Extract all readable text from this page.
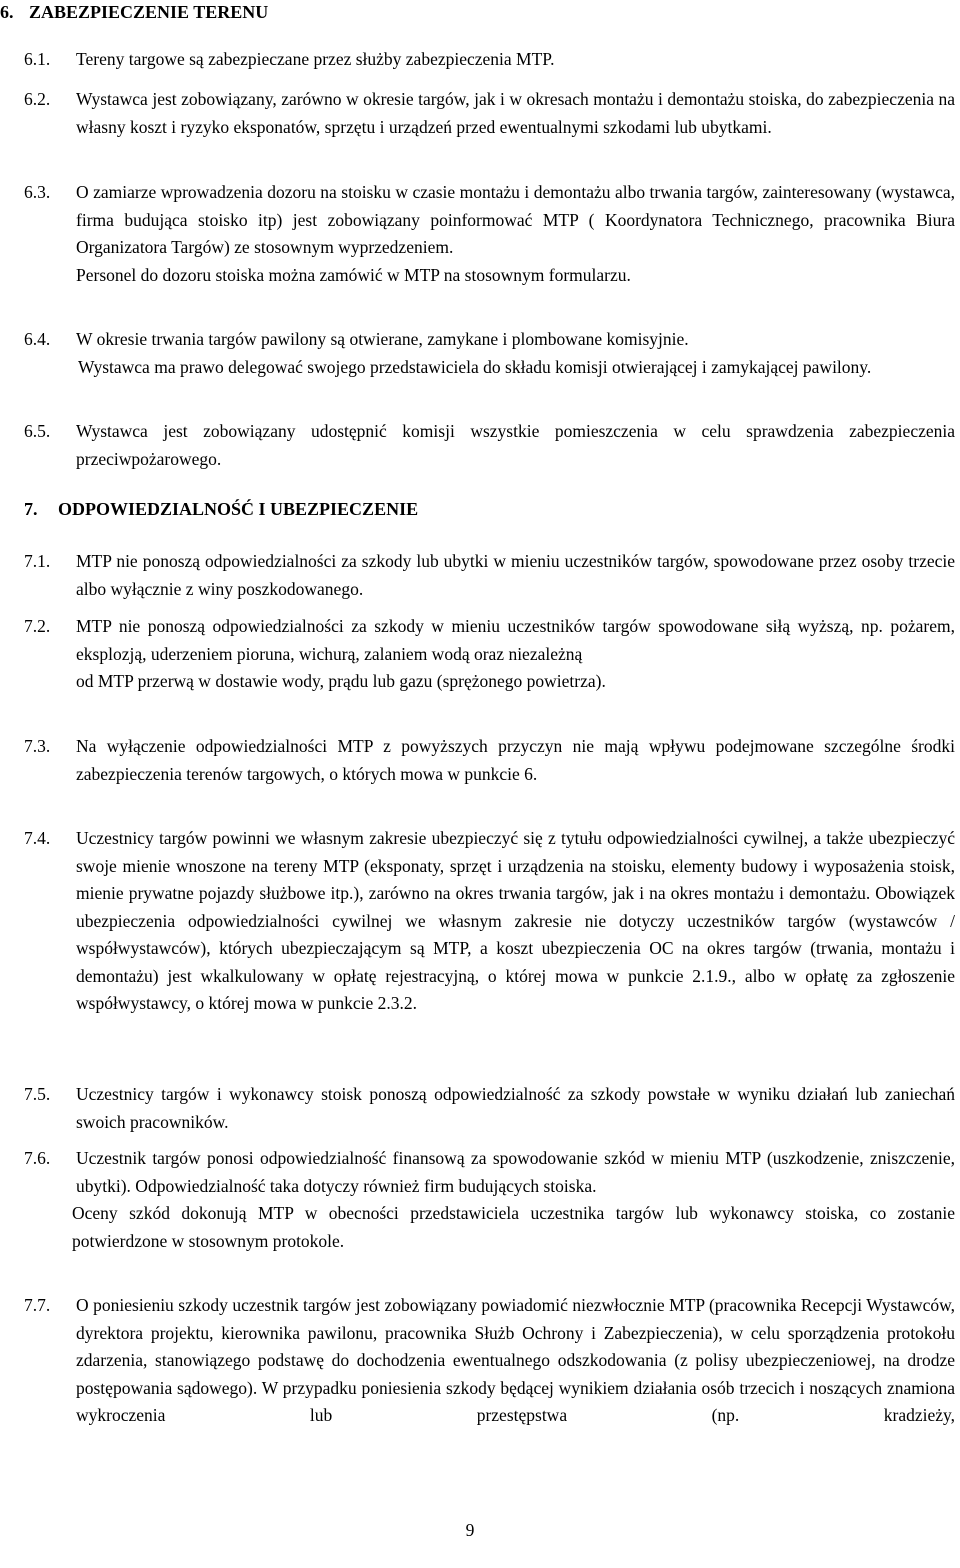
6. ZABEZPIECZENIE TERENU
6.1. Tereny targowe są zabezpieczane przez służby zabezpieczenia MTP.
6.2. Wystawca jest zobowiązany, zarówno w okresie targów, jak i w okresach montażu i demontażu stoiska, do zabezpieczenia na własny koszt i ryzyko eksponatów, sprzętu i urządzeń przed ewentualnymi szkodami lub ubytkami.
6.3. O zamiarze wprowadzenia dozoru na stoisku w czasie montażu i demontażu albo trwania targów, zainteresowany (wystawca, firma budująca stoisko itp) jest zobowiązany poinformować MTP ( Koordynatora Technicznego, pracownika Biura Organizatora Targów) ze stosownym wyprzedzeniem.
Personel do dozoru stoiska można zamówić w MTP na stosownym formularzu.
6.4. W okresie trwania targów pawilony są otwierane, zamykane i plombowane komisyjnie.
Wystawca ma prawo delegować swojego przedstawiciela do składu komisji otwierającej i zamykającej pawilony.
6.5. Wystawca jest zobowiązany udostępnić komisji wszystkie pomieszczenia w celu sprawdzenia zabezpieczenia przeciwpożarowego.
7. ODPOWIEDZIALNOŚĆ I UBEZPIECZENIE
7.1. MTP nie ponoszą odpowiedzialności za szkody lub ubytki w mieniu uczestników targów, spowodowane przez osoby trzecie albo wyłącznie z winy poszkodowanego.
7.2. MTP nie ponoszą odpowiedzialności za szkody w mieniu uczestników targów spowodowane siłą wyższą, np. pożarem, eksplozją, uderzeniem pioruna, wichurą, zalaniem wodą oraz niezależną
od MTP przerwą w dostawie wody, prądu lub gazu (sprężonego powietrza).
7.3. Na wyłączenie odpowiedzialności MTP z powyższych przyczyn nie mają wpływu podejmowane szczególne środki zabezpieczenia terenów targowych, o których mowa w punkcie 6.
7.4. Uczestnicy targów powinni we własnym zakresie ubezpieczyć się z tytułu odpowiedzialności cywilnej, a także ubezpieczyć swoje mienie wnoszone na tereny MTP (eksponaty, sprzęt i urządzenia na stoisku, elementy budowy i wyposażenia stoisk, mienie prywatne pojazdy służbowe itp.), zarówno na okres trwania targów, jak i na okres montażu i demontażu. Obowiązek ubezpieczenia odpowiedzialności cywilnej we własnym zakresie nie dotyczy uczestników targów (wystawców / współwystawców), których ubezpieczającym są MTP, a koszt ubezpieczenia OC na okres targów (trwania, montażu i demontażu) jest wkalkulowany w opłatę rejestracyjną, o której mowa w punkcie 2.1.9., albo w opłatę za zgłoszenie współwystawcy, o której mowa w punkcie 2.3.2.
7.5. Uczestnicy targów i wykonawcy stoisk ponoszą odpowiedzialność za szkody powstałe w wyniku działań lub zaniechań swoich pracowników.
7.6. Uczestnik targów ponosi odpowiedzialność finansową za spowodowanie szkód w mieniu MTP (uszkodzenie, zniszczenie, ubytki). Odpowiedzialność taka dotyczy również firm budujących stoiska.
Oceny szkód dokonują MTP w obecności przedstawiciela uczestnika targów lub wykonawcy stoiska, co zostanie potwierdzone w stosownym protokole.
7.7. O poniesieniu szkody uczestnik targów jest zobowiązany powiadomić niezwłocznie MTP (pracownika Recepcji Wystawców, dyrektora projektu, kierownika pawilonu, pracownika Służb Ochrony i Zabezpieczenia), w celu sporządzenia protokołu zdarzenia, stanowiązego podstawę do dochodzenia ewentualnego odszkodowania (z polisy ubezpieczeniowej, na drodze postępowania sądowego). W przypadku poniesienia szkody będącej wynikiem działania osób trzecich i noszących znamiona wykroczenia lub przestępstwa (np. kradzieży,
9
